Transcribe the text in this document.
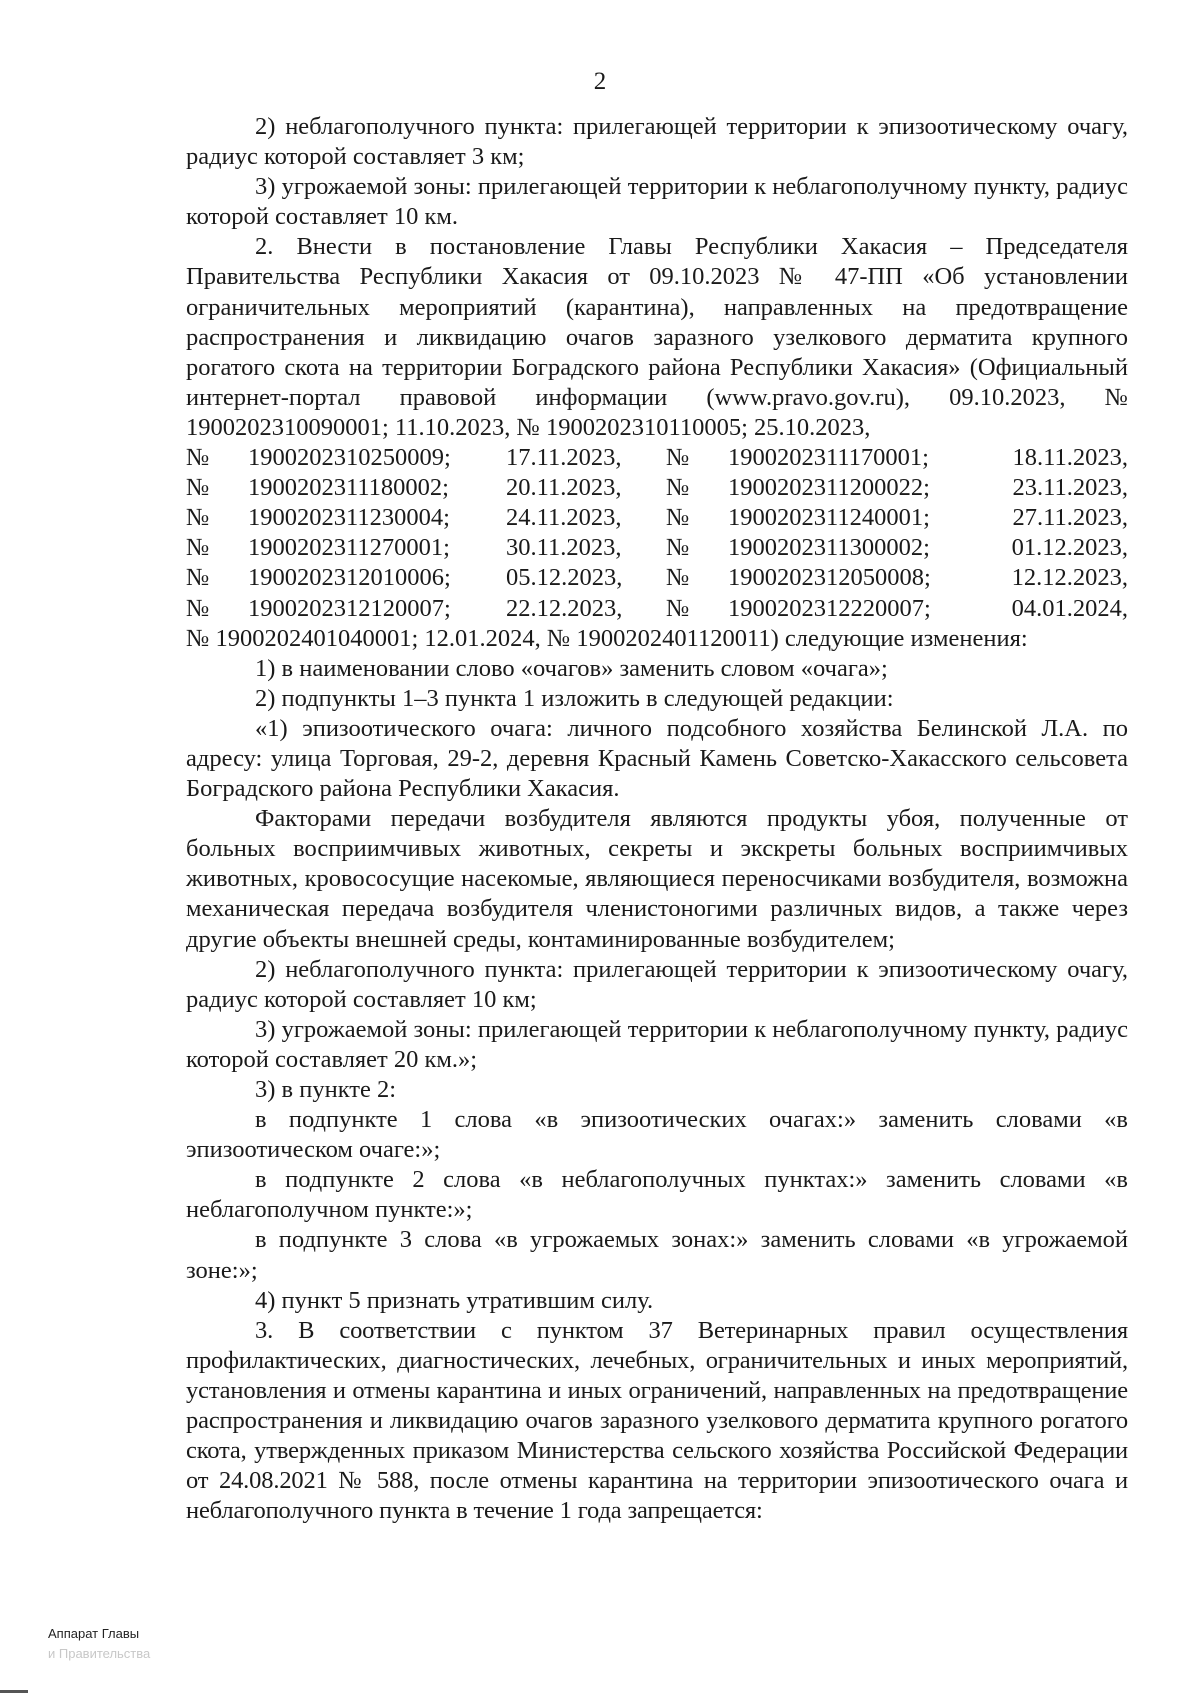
2

2) неблагополучного пункта: прилегающей территории к эпизоотическому очагу, радиус которой составляет 3 км;

3) угрожаемой зоны: прилегающей территории к неблагополучному пункту, радиус которой составляет 10 км.

2. Внести в постановление Главы Республики Хакасия – Председателя Правительства Республики Хакасия от 09.10.2023 № 47-ПП «Об установлении ограничительных мероприятий (карантина), направленных на предотвращение распространения и ликвидацию очагов заразного узелкового дерматита крупного рогатого скота на территории Боградского района Республики Хакасия» (Официальный интернет-портал правовой информации (www.pravo.gov.ru), 09.10.2023, № 1900202310090001; 11.10.2023, № 1900202310110005; 25.10.2023,

№	1900202310250009;	17.11.2023,	№	1900202311170001;	18.11.2023,
№	1900202311180002;	20.11.2023,	№	1900202311200022;	23.11.2023,
№	1900202311230004;	24.11.2023,	№	1900202311240001;	27.11.2023,
№	1900202311270001;	30.11.2023,	№	1900202311300002;	01.12.2023,
№	1900202312010006;	05.12.2023,	№	1900202312050008;	12.12.2023,
№	1900202312120007;	22.12.2023,	№	1900202312220007;	04.01.2024,

№ 1900202401040001; 12.01.2024, № 1900202401120011) следующие изменения:

1) в наименовании слово «очагов» заменить словом «очага»;

2) подпункты 1–3 пункта 1 изложить в следующей редакции:

«1) эпизоотического очага: личного подсобного хозяйства Белинской Л.А. по адресу: улица Торговая, 29-2, деревня Красный Камень Советско-Хакасского сельсовета Боградского района Республики Хакасия.

Факторами передачи возбудителя являются продукты убоя, полученные от больных восприимчивых животных, секреты и экскреты больных восприимчивых животных, кровососущие насекомые, являющиеся переносчиками возбудителя, возможна механическая передача возбудителя членистоногими различных видов, а также через другие объекты внешней среды, контаминированные возбудителем;

2) неблагополучного пункта: прилегающей территории к эпизоотическому очагу, радиус которой составляет 10 км;

3) угрожаемой зоны: прилегающей территории к неблагополучному пункту, радиус которой составляет 20 км.»;

3) в пункте 2:

в подпункте 1 слова «в эпизоотических очагах:» заменить словами «в эпизоотическом очаге:»;

в подпункте 2 слова «в неблагополучных пунктах:» заменить словами «в неблагополучном пункте:»;

в подпункте 3 слова «в угрожаемых зонах:» заменить словами «в угрожаемой зоне:»;

4) пункт 5 признать утратившим силу.

3. В соответствии с пунктом 37 Ветеринарных правил осуществления профилактических, диагностических, лечебных, ограничительных и иных мероприятий, установления и отмены карантина и иных ограничений, направленных на предотвращение распространения и ликвидацию очагов заразного узелкового дерматита крупного рогатого скота, утвержденных приказом Министерства сельского хозяйства Российской Федерации от 24.08.2021 № 588, после отмены карантина на территории эпизоотического очага и неблагополучного пункта в течение 1 года запрещается:

Аппарат Главы
и Правительства
